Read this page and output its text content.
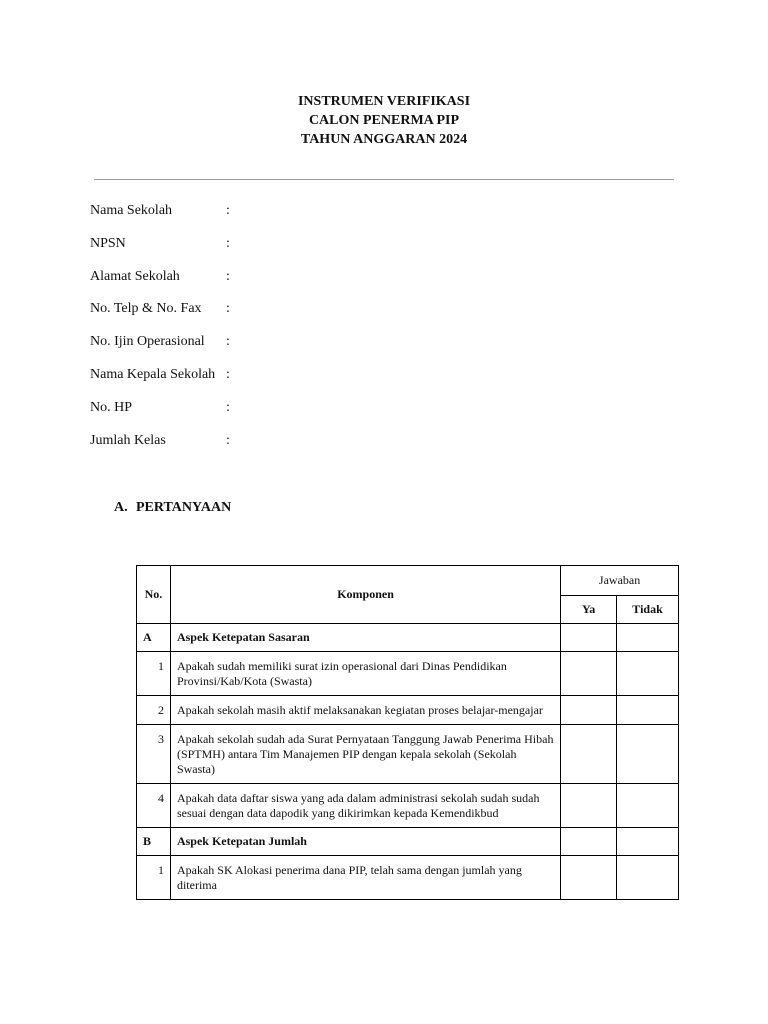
INSTRUMEN VERIFIKASI
CALON PENERMA PIP
TAHUN ANGGARAN 2024
Nama Sekolah	:
NPSN	:
Alamat Sekolah	:
No. Telp & No. Fax :
No. Ijin Operasional :
Nama Kepala Sekolah :
No. HP	:
Jumlah Kelas	:
A. PERTANYAAN
No.	Komponen	Jawaban	
		Ya	Tidak
A	Aspek Ketepatan Sasaran		
1	Apakah sudah memiliki surat izin operasional dari Dinas Pendidikan Provinsi/Kab/Kota (Swasta)		
2	Apakah sekolah masih aktif melaksanakan kegiatan proses belajar-mengajar		
3	Apakah sekolah sudah ada Surat Pernyataan Tanggung Jawab Penerima Hibah (SPTMH) antara Tim Manajemen PIP dengan kepala sekolah (Sekolah Swasta)		
4	Apakah data daftar siswa yang ada dalam administrasi sekolah sudah sudah sesuai dengan data dapodik yang dikirimkan kepada Kemendikbud		
B	Aspek Ketepatan Jumlah		
1	Apakah SK Alokasi penerima dana PIP, telah sama dengan jumlah yang diterima		
